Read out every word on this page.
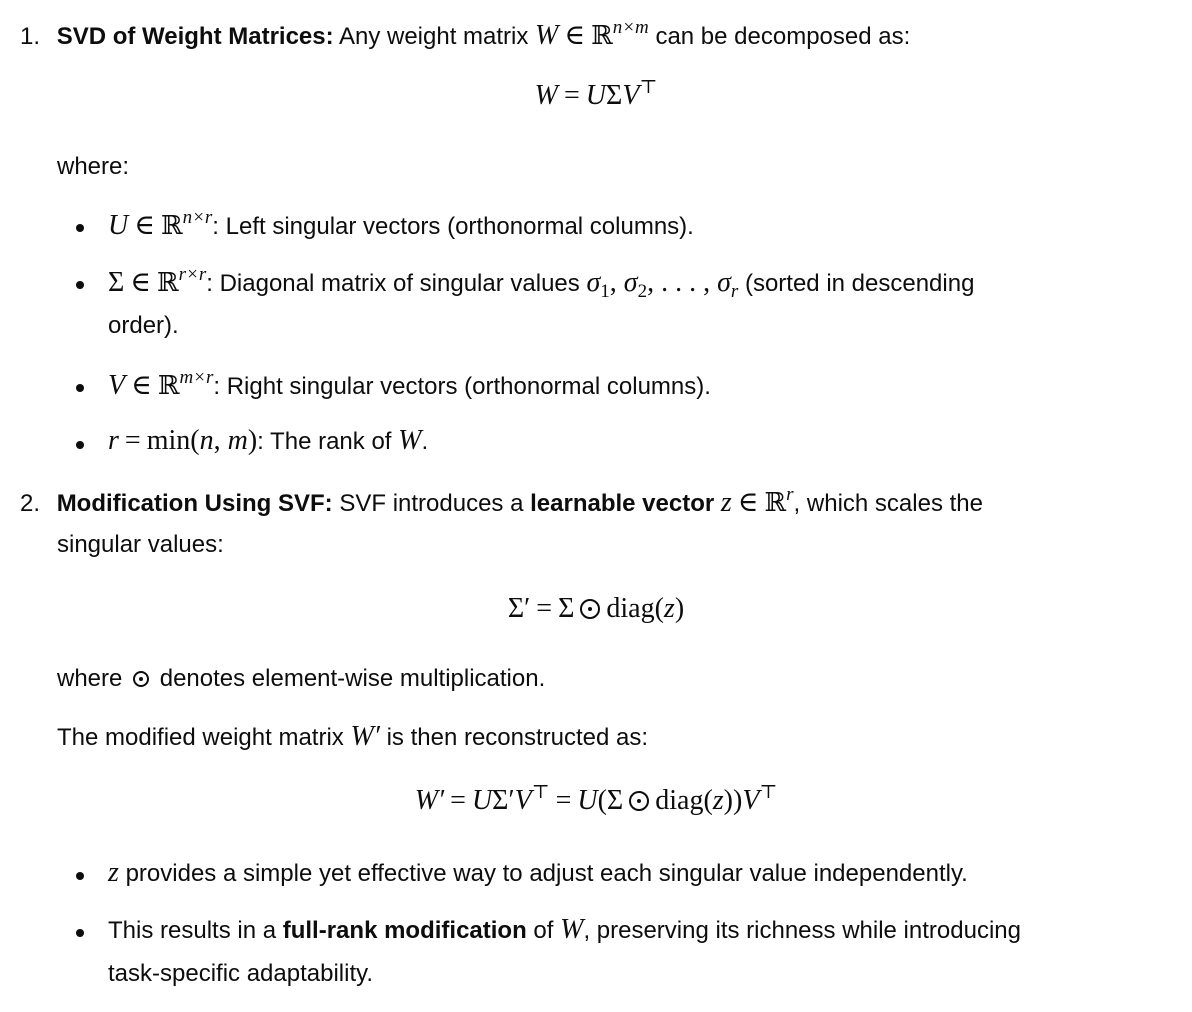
1. SVD of Weight Matrices: Any weight matrix W ∈ ℝ$^{n\times m}$ can be decomposed as:
W = UΣV⊤
where:
U ∈ ℝ$^{n\times r}$: Left singular vectors (orthonormal columns).
Σ ∈ ℝ$^{r\times r}$: Diagonal matrix of singular values $\sigma_1$, $\sigma_2$, . . . , $\sigma_r$ (sorted in descending
order).
V ∈ ℝ$^{m\times r}$: Right singular vectors (orthonormal columns).
r = min(n, m): The rank of W.
2. Modification Using SVF: SVF introduces a learnable vector z ∈ ℝ$^r$, which scales the
singular values:
Σ′ = Σ diag(z)
where denotes element-wise multiplication.
The modified weight matrix W′ is then reconstructed as:
W′ = UΣ′V⊤ = U(Σ diag(z))V⊤
z provides a simple yet effective way to adjust each singular value independently.
This results in a full-rank modification of W, preserving its richness while introducing
task-specific adaptability.
